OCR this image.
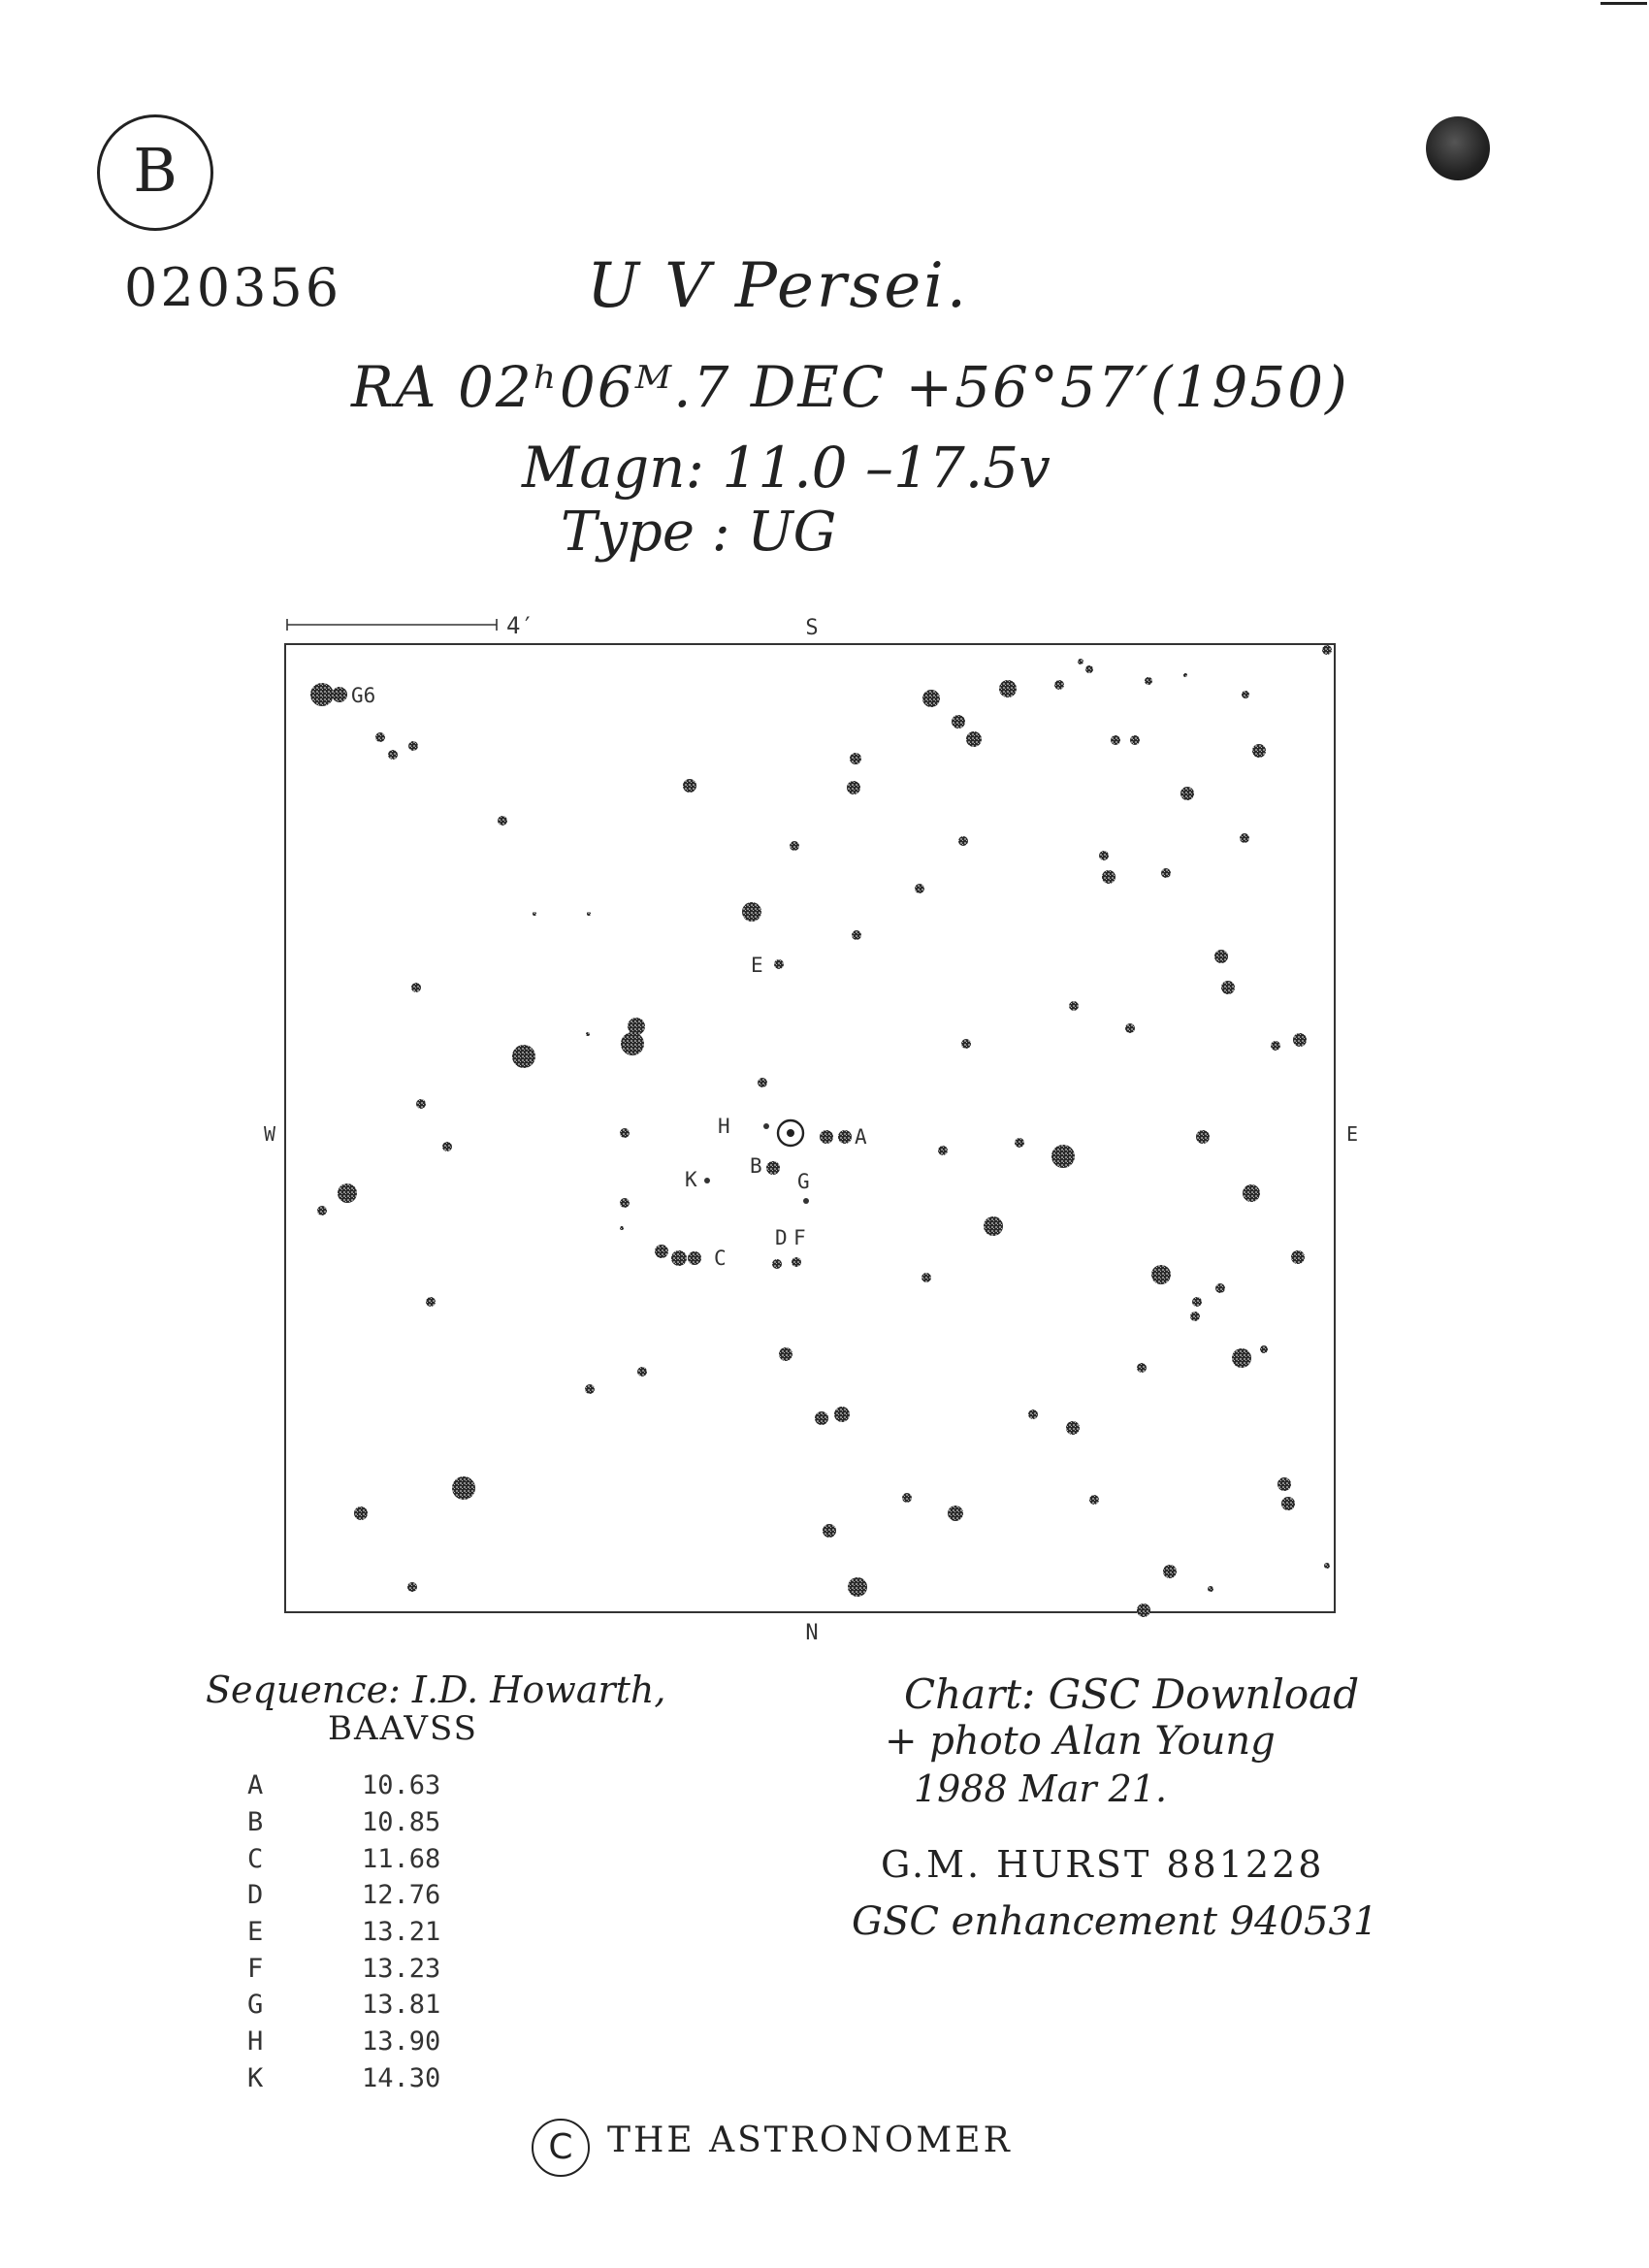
B
020356	U V Persei.
RA 02ʰ06ᴹ.7 DEC +56°57′(1950)
Magn: 11.0 –17.5v
Type : UG
4′	S
N
W	E
G6
E
H	A
B
K	G
D F
C
Sequence: I.D. Howarth,
BAAVSS
A	10.63
B	10.85
C	11.68
D	12.76
E	13.21
F	13.23
G	13.81
H	13.90
K	14.30
Chart: GSC Download
+ photo Alan Young
1988 Mar 21.
G.M. HURST 881228
GSC enhancement 940531
C THE ASTRONOMER
